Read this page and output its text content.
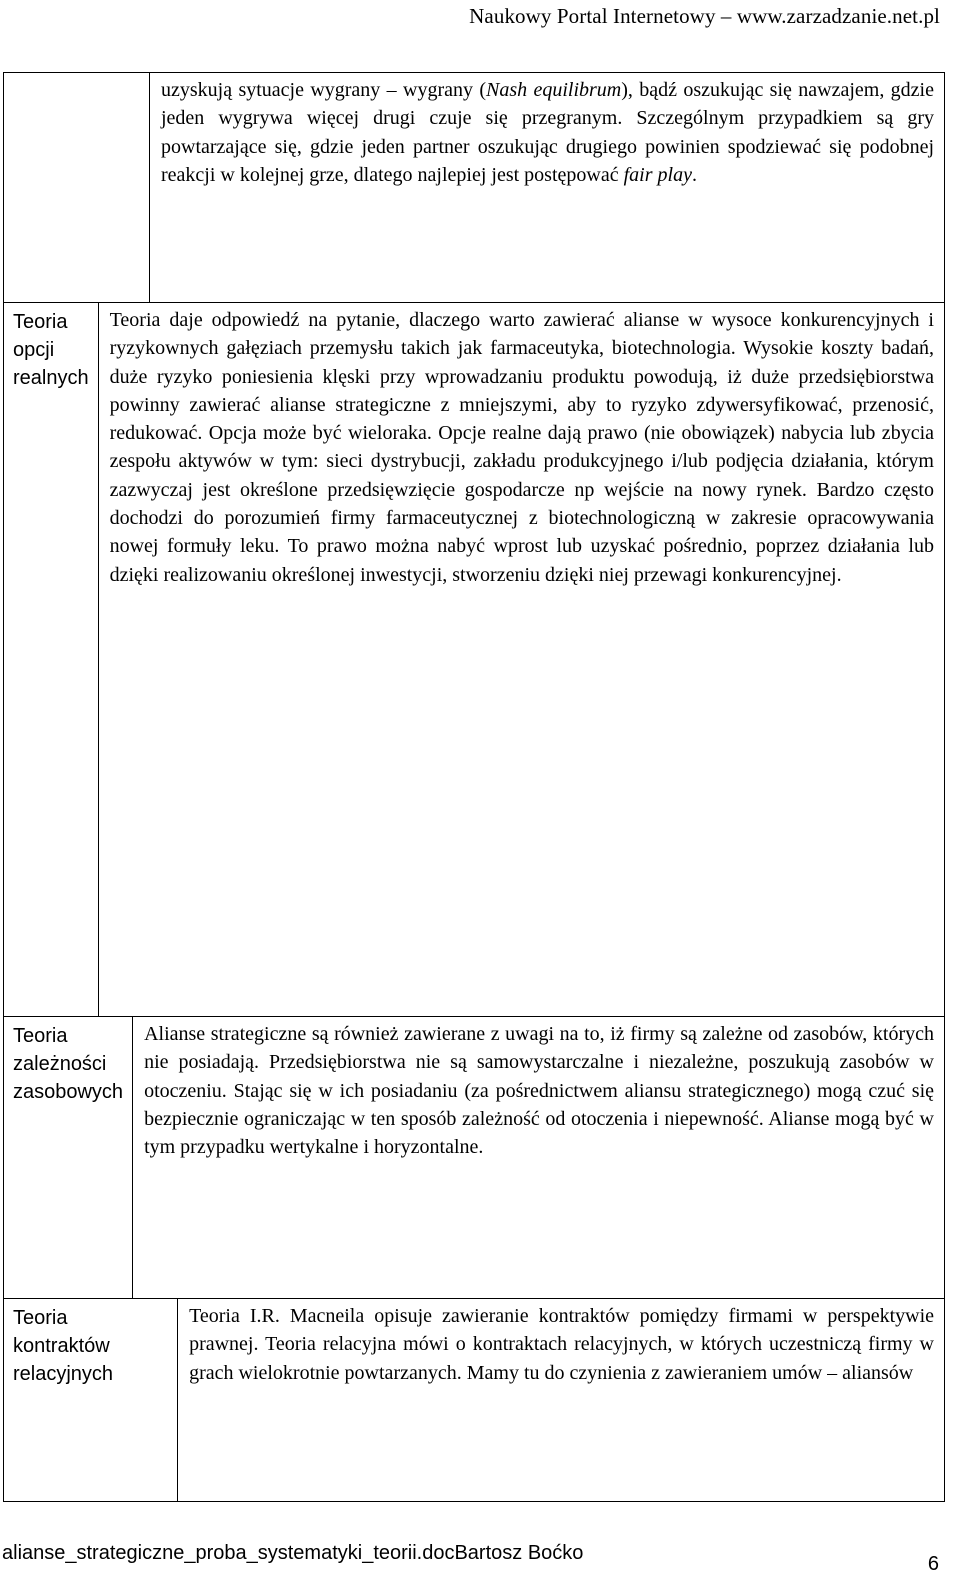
Naukowy Portal Internetowy – www.zarzadzanie.net.pl

uzyskują sytuacje wygrany – wygrany (Nash equilibrum), bądź oszukując się nawzajem, gdzie jeden wygrywa więcej drugi czuje się przegranym. Szczególnym przypadkiem są gry powtarzające się, gdzie jeden partner oszukując drugiego powinien spodziewać się podobnej reakcji w kolejnej grze, dlatego najlepiej jest postępować fair play.

Teoria opcji realnych

Teoria daje odpowiedź na pytanie, dlaczego warto zawierać alianse w wysoce konkurencyjnych i ryzykownych gałęziach przemysłu takich jak farmaceutyka, biotechnologia. Wysokie koszty badań, duże ryzyko poniesienia klęski przy wprowadzaniu produktu powodują, iż duże przedsiębiorstwa powinny zawierać alianse strategiczne z mniejszymi, aby to ryzyko zdywersyfikować, przenosić, redukować. Opcja może być wieloraka. Opcje realne dają prawo (nie obowiązek) nabycia lub zbycia zespołu aktywów w tym: sieci dystrybucji, zakładu produkcyjnego i/lub podjęcia działania, którym zazwyczaj jest określone przedsięwzięcie gospodarcze np wejście na nowy rynek. Bardzo często dochodzi do porozumień firmy farmaceutycznej z biotechnologiczną w zakresie opracowywania nowej formuły leku. To prawo można nabyć wprost lub uzyskać pośrednio, poprzez działania lub dzięki realizowaniu określonej inwestycji, stworzeniu dzięki niej przewagi konkurencyjnej.

Teoria zależności zasobowych

Alianse strategiczne są również zawierane z uwagi na to, iż firmy są zależne od zasobów, których nie posiadają. Przedsiębiorstwa nie są samowystarczalne i niezależne, poszukują zasobów w otoczeniu. Stając się w ich posiadaniu (za pośrednictwem aliansu strategicznego) mogą czuć się bezpiecznie ograniczając w ten sposób zależność od otoczenia i niepewność. Alianse mogą być w tym przypadku wertykalne i horyzontalne.

Teoria kontraktów relacyjnych

Teoria I.R. Macneila opisuje zawieranie kontraktów pomiędzy firmami w perspektywie prawnej. Teoria relacyjna mówi o kontraktach relacyjnych, w których uczestniczą firmy w grach wielokrotnie powtarzanych. Mamy tu do czynienia z zawieraniem umów – aliansów

alianse_strategiczne_proba_systematyki_teorii.docBartosz Boćko	6
